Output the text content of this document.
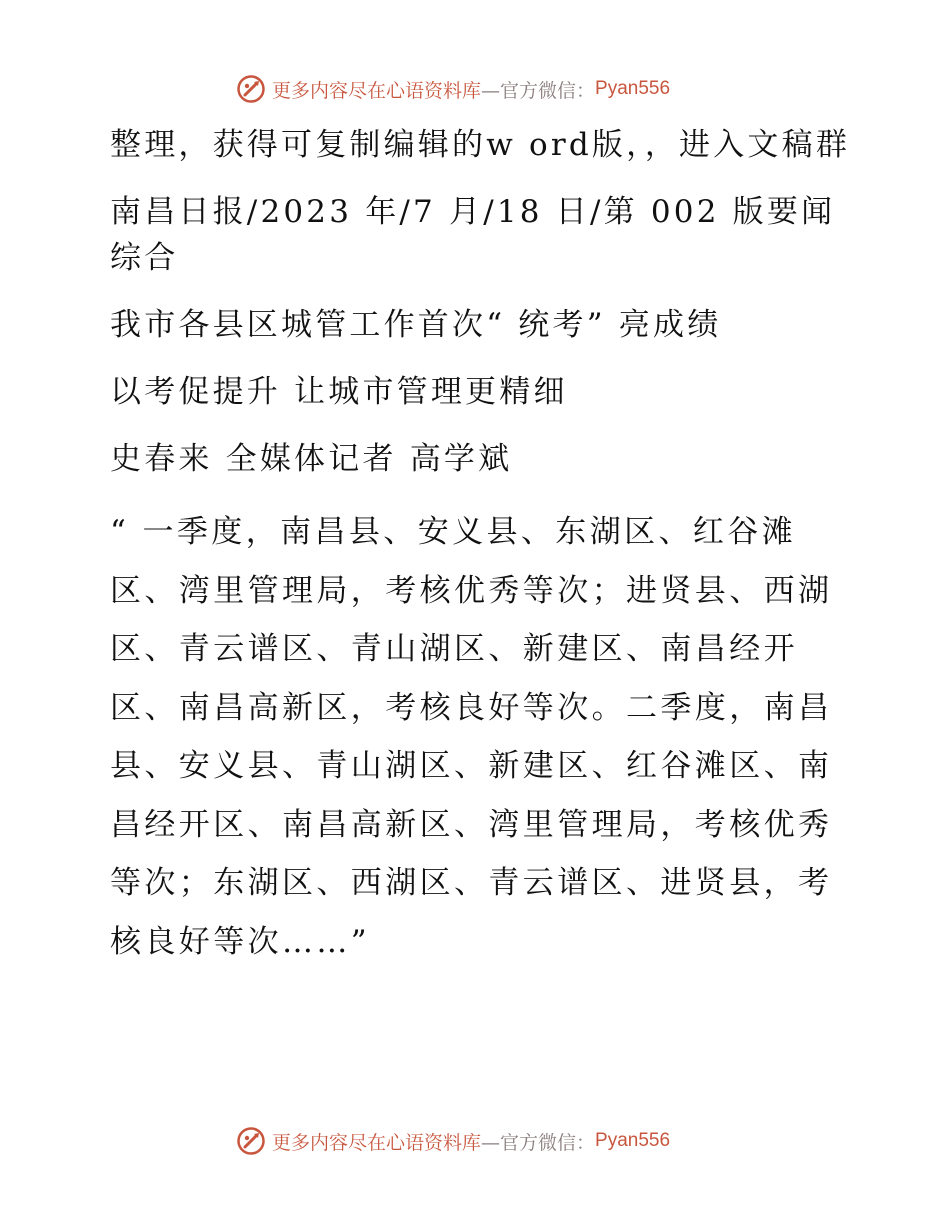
更多内容尽在心语资料库 —官方微信： Pyan556

整理，获得可复制编辑的w ord版，，进入文稿群

南昌日报/2023 年/7 月/18 日/第 002 版要闻综合

我市各县区城管工作首次“ 统考” 亮成绩

以考促提升 让城市管理更精细

史春来 全媒体记者 高学斌

“ 一季度，南昌县、安义县、东湖区、红谷滩区、湾里管理局，考核优秀等次；进贤县、西湖区、青云谱区、青山湖区、新建区、南昌经开区、南昌高新区，考核良好等次。二季度，南昌县、安义县、青山湖区、新建区、红谷滩区、南昌经开区、南昌高新区、湾里管理局，考核优秀等次；东湖区、西湖区、青云谱区、进贤县，考核良好等次……”

更多内容尽在心语资料库 —官方微信： Pyan556
